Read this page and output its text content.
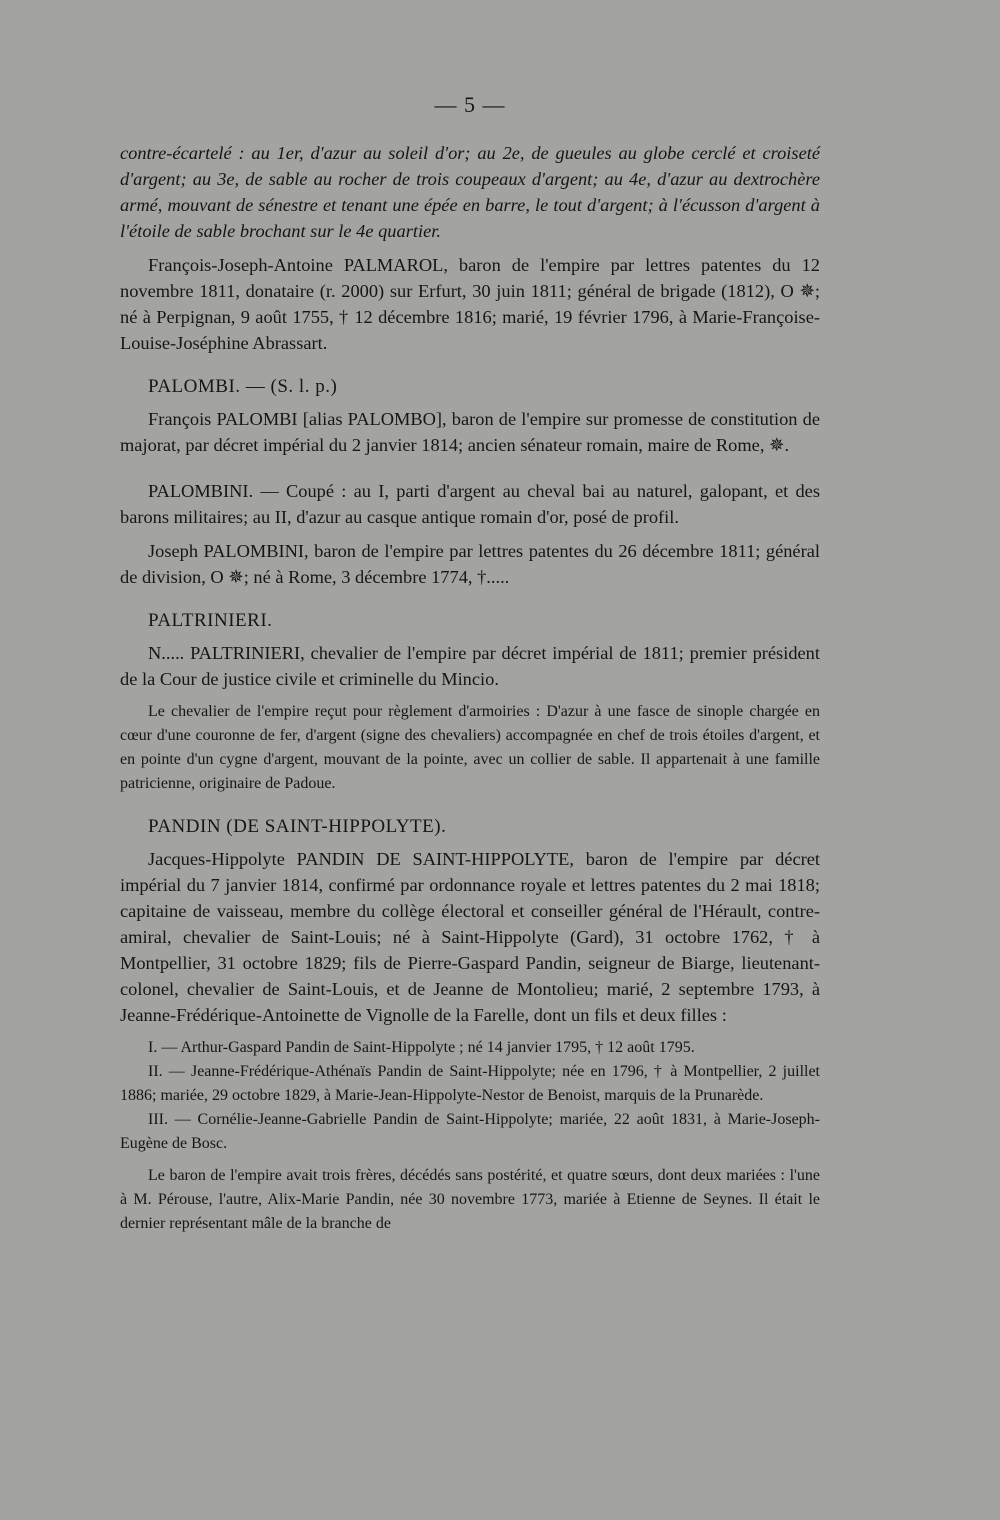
— 5 —

contre-écartelé : au 1er, d'azur au soleil d'or; au 2e, de gueules au globe cerclé et croiseté d'argent; au 3e, de sable au rocher de trois coupeaux d'argent; au 4e, d'azur au dextrochère armé, mouvant de sénestre et tenant une épée en barre, le tout d'argent; à l'écusson d'argent à l'étoile de sable brochant sur le 4e quartier.

François-Joseph-Antoine PALMAROL, baron de l'empire par lettres patentes du 12 novembre 1811, donataire (r. 2000) sur Erfurt, 30 juin 1811; général de brigade (1812), O ✵; né à Perpignan, 9 août 1755, † 12 décembre 1816; marié, 19 février 1796, à Marie-Françoise-Louise-Joséphine Abrassart.

PALOMBI. — (S. l. p.)

François PALOMBI [alias PALOMBO], baron de l'empire sur promesse de constitution de majorat, par décret impérial du 2 janvier 1814; ancien sénateur romain, maire de Rome, ✵.

PALOMBINI. — Coupé : au I, parti d'argent au cheval bai au naturel, galopant, et des barons militaires; au II, d'azur au casque antique romain d'or, posé de profil.

Joseph PALOMBINI, baron de l'empire par lettres patentes du 26 décembre 1811; général de division, O ✵; né à Rome, 3 décembre 1774, †.....

PALTRINIERI.

N..... PALTRINIERI, chevalier de l'empire par décret impérial de 1811; premier président de la Cour de justice civile et criminelle du Mincio.

Le chevalier de l'empire reçut pour règlement d'armoiries : D'azur à une fasce de sinople chargée en cœur d'une couronne de fer, d'argent (signe des chevaliers) accompagnée en chef de trois étoiles d'argent, et en pointe d'un cygne d'argent, mouvant de la pointe, avec un collier de sable. Il appartenait à une famille patricienne, originaire de Padoue.

PANDIN (DE SAINT-HIPPOLYTE).

Jacques-Hippolyte PANDIN DE SAINT-HIPPOLYTE, baron de l'empire par décret impérial du 7 janvier 1814, confirmé par ordonnance royale et lettres patentes du 2 mai 1818; capitaine de vaisseau, membre du collège électoral et conseiller général de l'Hérault, contre-amiral, chevalier de Saint-Louis; né à Saint-Hippolyte (Gard), 31 octobre 1762, † à Montpellier, 31 octobre 1829; fils de Pierre-Gaspard Pandin, seigneur de Biarge, lieutenant-colonel, chevalier de Saint-Louis, et de Jeanne de Montolieu; marié, 2 septembre 1793, à Jeanne-Frédérique-Antoinette de Vignolle de la Farelle, dont un fils et deux filles :

I. — Arthur-Gaspard Pandin de Saint-Hippolyte ; né 14 janvier 1795, † 12 août 1795.

II. — Jeanne-Frédérique-Athénaïs Pandin de Saint-Hippolyte; née en 1796, † à Montpellier, 2 juillet 1886; mariée, 29 octobre 1829, à Marie-Jean-Hippolyte-Nestor de Benoist, marquis de la Prunarède.

III. — Cornélie-Jeanne-Gabrielle Pandin de Saint-Hippolyte; mariée, 22 août 1831, à Marie-Joseph-Eugène de Bosc.

Le baron de l'empire avait trois frères, décédés sans postérité, et quatre sœurs, dont deux mariées : l'une à M. Pérouse, l'autre, Alix-Marie Pandin, née 30 novembre 1773, mariée à Etienne de Seynes. Il était le dernier représentant mâle de la branche de
